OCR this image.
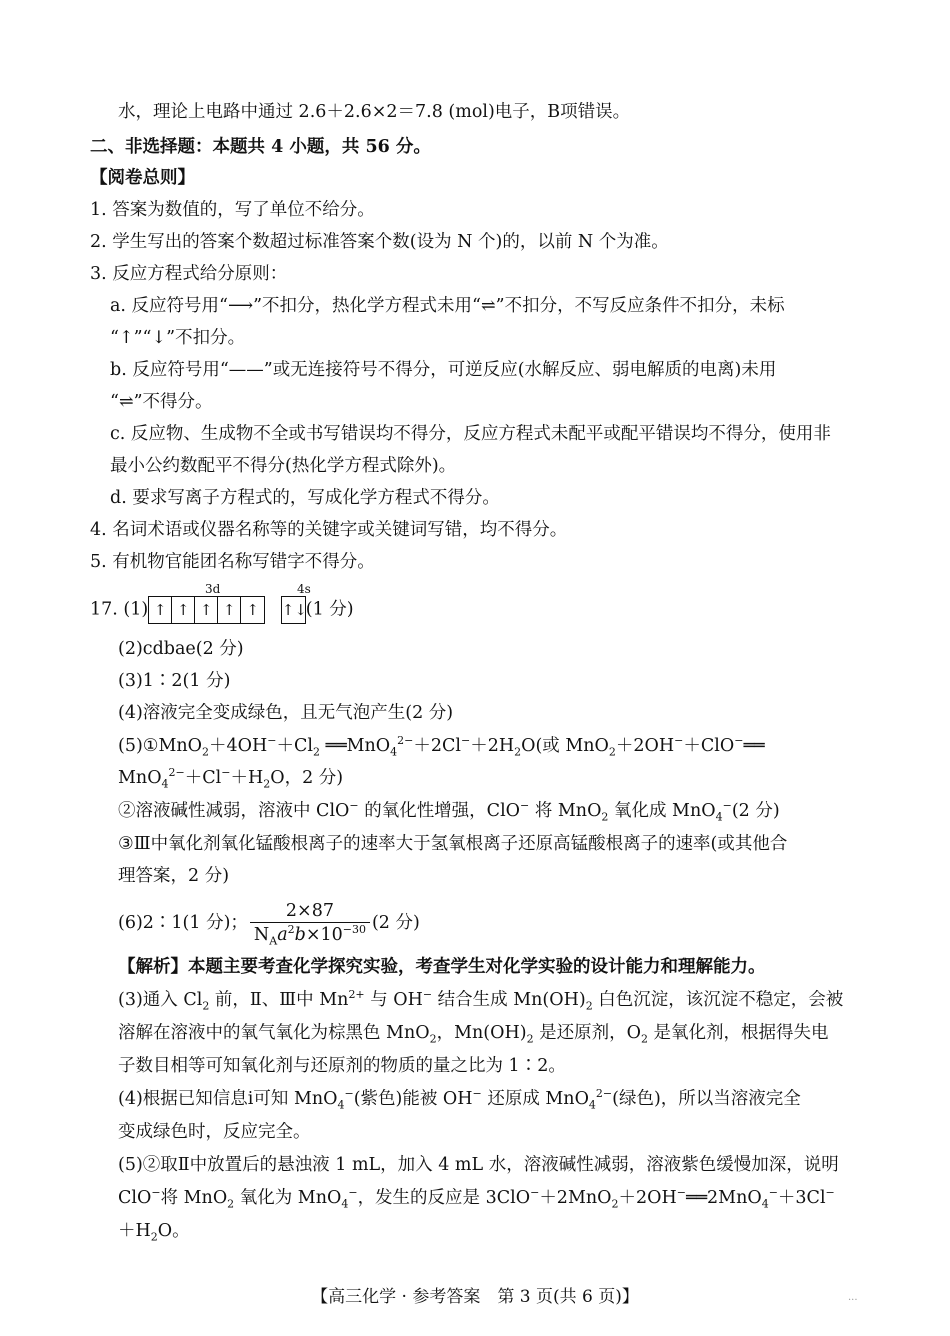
水，理论上电路中通过 2.6＋2.6×2＝7.8 (mol)电子，B项错误。
二、非选择题：本题共 4 小题，共 56 分。
【阅卷总则】
1. 答案为数值的，写了单位不给分。
2. 学生写出的答案个数超过标准答案个数(设为 N 个)的，以前 N 个为准。
3. 反应方程式给分原则：
a. 反应符号用“⟶”不扣分，热化学方程式未用“⇌”不扣分，不写反应条件不扣分，未标
“↑”“↓”不扣分。
b. 反应符号用“——”或无连接符号不得分，可逆反应(水解反应、弱电解质的电离)未用
“⇌”不得分。
c. 反应物、生成物不全或书写错误均不得分，反应方程式未配平或配平错误均不得分，使用非
最小公约数配平不得分(热化学方程式除外)。
d. 要求写离子方程式的，写成化学方程式不得分。
4. 名词术语或仪器名称等的关键字或关键词写错，均不得分。
5. 有机物官能团名称写错字不得分。
3d	4s
17. (1) ↑ ↑ ↑ ↑ ↑ ↑↓(1 分)
(2)cdbae(2 分)
(3)1∶2(1 分)
(4)溶液完全变成绿色，且无气泡产生(2 分)
$(5)①MnO_2+4OH^-+Cl_2$ $══MnO_4^{2-}+2Cl^-+2H_2O$(或 MnO$_2$＋2OH−＋ClO−══
$MnO_4^{2-}+Cl^-+H_2O$，2 分)
②溶液碱性减弱，溶液中 ClO− 的氧化性增强，ClO− 将 MnO$_2$ 氧化成 MnO$_4$−(2 分)
③Ⅲ中氧化剂氧化锰酸根离子的速率大于氢氧根离子还原高锰酸根离子的速率(或其他合
理答案，2 分)
(6)2∶1(1 分)； $\frac{2\times 87}{N_Aa^2b\times 10^{-30}} (2$ 分)
【解析】本题主要考查化学探究实验，考查学生对化学实验的设计能力和理解能力。
(3)通入 $Cl_2$ 前，Ⅱ、Ⅲ中 $Mn^{2+}$ 与 OH− 结合生成 $Mn(OH)_2$ 白色沉淀，该沉淀不稳定，会被
溶解在溶液中的氧气氧化为棕黑色 MnO$_2$，$Mn(OH)_2$ 是还原剂，$O_2$ 是氧化剂，根据得失电
子数目相等可知氧化剂与还原剂的物质的量之比为 1∶2。
(4)根据已知信息ⅰ可知 MnO$_4$−(紫色)能被 OH− 还原成 MnO$_4^{2-}$(绿色)，所以当溶液完全
变成绿色时，反应完全。
(5)②取Ⅱ中放置后的悬浊液 1 mL，加入 4 mL 水，溶液碱性减弱，溶液紫色缓慢加深，说明
ClO−将 MnO$_2$ 氧化为 MnO$_4$−，发生的反应是 3ClO−＋2MnO$_2$＋2OH−══2MnO$_4$−＋3Cl−
$+H_2O$。
【高三化学 · 参考答案　第 3 页(共 6 页)】	...
